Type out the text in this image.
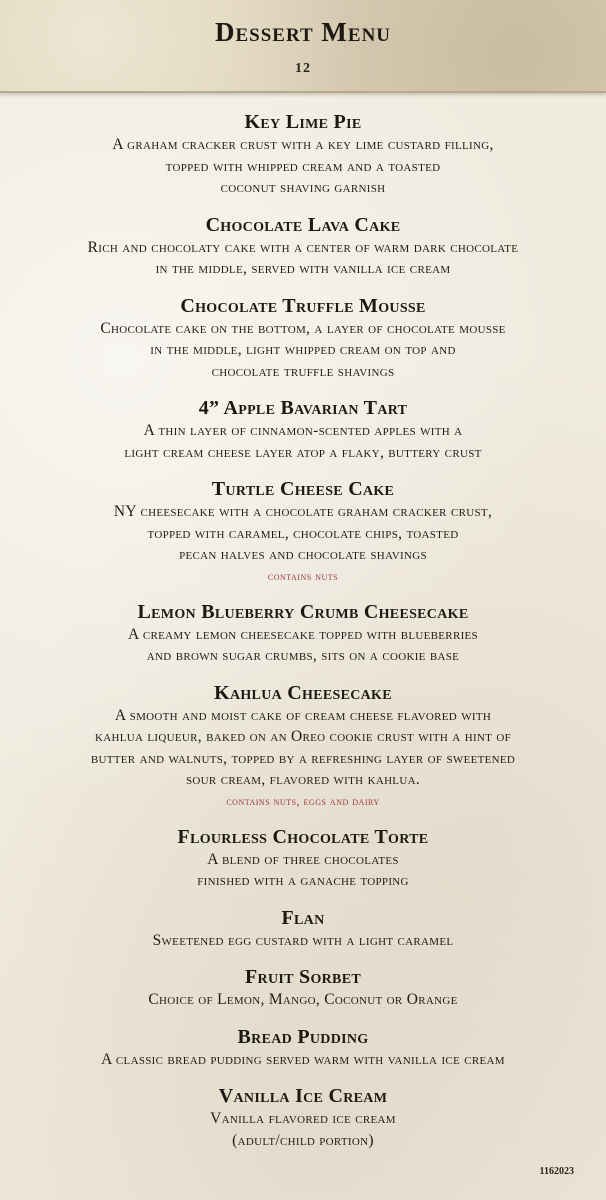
Dessert Menu
12
Key Lime Pie
A graham cracker crust with a key lime custard filling,
topped with whipped cream and a toasted
coconut shaving garnish
Chocolate Lava Cake
Rich and chocolaty cake with a center of warm dark chocolate
in the middle, served with vanilla ice cream
Chocolate Truffle Mousse
Chocolate cake on the bottom, a layer of chocolate mousse
in the middle, light whipped cream on top and
chocolate truffle shavings
4” Apple Bavarian Tart
A thin layer of cinnamon-scented apples with a
light cream cheese layer atop a flaky, buttery crust
Turtle Cheese Cake
NY cheesecake with a chocolate graham cracker crust,
topped with caramel, chocolate chips, toasted
pecan halves and chocolate shavings
contains nuts
Lemon Blueberry Crumb Cheesecake
A creamy lemon cheesecake topped with blueberries
and brown sugar crumbs, sits on a cookie base
Kahlua Cheesecake
A smooth and moist cake of cream cheese flavored with
kahlua liqueur, baked on an Oreo cookie crust with a hint of
butter and walnuts, topped by a refreshing layer of sweetened
sour cream, flavored with kahlua.
contains nuts, eggs and dairy
Flourless Chocolate Torte
A blend of three chocolates
finished with a ganache topping
Flan
Sweetened egg custard with a light caramel
Fruit Sorbet
Choice of Lemon, Mango, Coconut or Orange
Bread Pudding
A classic bread pudding served warm with vanilla ice cream
Vanilla Ice Cream
Vanilla flavored ice cream
(adult/child portion)
1162023
